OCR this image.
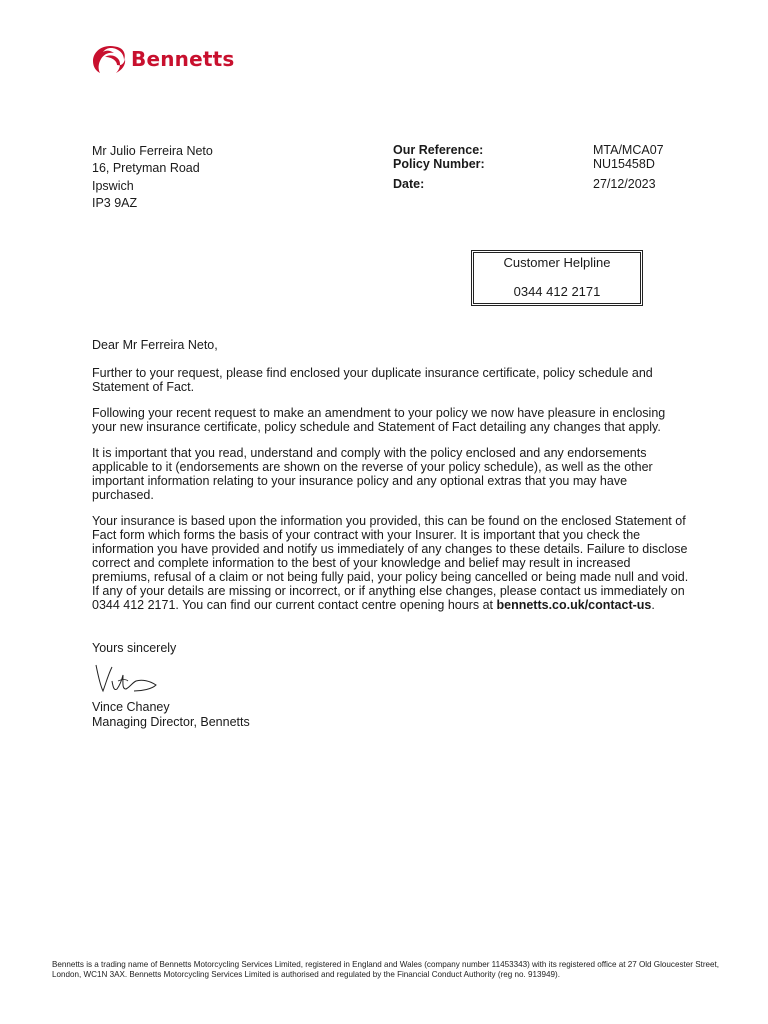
Bennetts
Mr Julio Ferreira Neto
16, Pretyman Road
Ipswich
IP3 9AZ
Our Reference:
Policy Number:
Date:
MTA/MCA07
NU15458D
27/12/2023
Customer Helpline
0344 412 2171

Dear Mr Ferreira Neto,

Further to your request, please find enclosed your duplicate insurance certificate, policy schedule and Statement of Fact.

Following your recent request to make an amendment to your policy we now have pleasure in enclosing your new insurance certificate, policy schedule and Statement of Fact detailing any changes that apply.

It is important that you read, understand and comply with the policy enclosed and any endorsements applicable to it (endorsements are shown on the reverse of your policy schedule), as well as the other important information relating to your insurance policy and any optional extras that you may have purchased.

Your insurance is based upon the information you provided, this can be found on the enclosed Statement of Fact form which forms the basis of your contract with your Insurer. It is important that you check the information you have provided and notify us immediately of any changes to these details. Failure to disclose correct and complete information to the best of your knowledge and belief may result in increased premiums, refusal of a claim or not being fully paid, your policy being cancelled or being made null and void. If any of your details are missing or incorrect, or if anything else changes, please contact us immediately on 0344 412 2171. You can find our current contact centre opening hours at bennetts.co.uk/contact-us.

Yours sincerely
Vince Chaney
Managing Director, Bennetts
Bennetts is a trading name of Bennetts Motorcycling Services Limited, registered in England and Wales (company number 11453343) with its registered office at 27 Old Gloucester Street, London, WC1N 3AX. Bennetts Motorcycling Services Limited is authorised and regulated by the Financial Conduct Authority (reg no. 913949).
